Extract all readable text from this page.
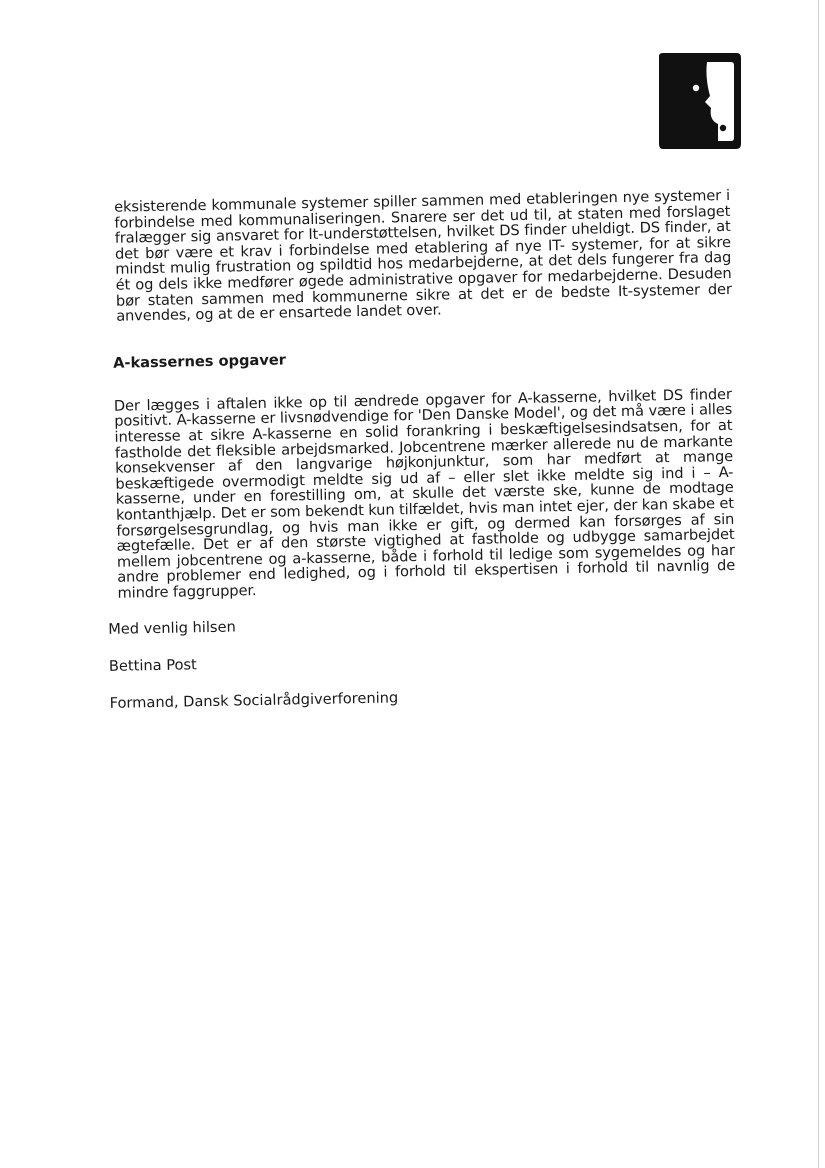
eksisterende kommunale systemer spiller sammen med etableringen nye systemer i forbindelse med kommunaliseringen. Snarere ser det ud til, at staten med forslaget fralægger sig ansvaret for It-understøttelsen, hvilket DS finder uheldigt. DS finder, at det bør være et krav i forbindelse med etablering af nye IT- systemer, for at sikre mindst mulig frustration og spildtid hos medarbejderne, at det dels fungerer fra dag ét og dels ikke medfører øgede administrative opgaver for medarbejderne. Desuden bør staten sammen med kommunerne sikre at det er de bedste It-systemer der anvendes, og at de er ensartede landet over.

A-kassernes opgaver

Der lægges i aftalen ikke op til ændrede opgaver for A-kasserne, hvilket DS finder positivt. A-kasserne er livsnødvendige for 'Den Danske Model', og det må være i alles interesse at sikre A-kasserne en solid forankring i beskæftigelsesindsatsen, for at fastholde det fleksible arbejdsmarked. Jobcentrene mærker allerede nu de markante konsekvenser af den langvarige højkonjunktur, som har medført at mange beskæftigede overmodigt meldte sig ud af – eller slet ikke meldte sig ind i – A-kasserne, under en forestilling om, at skulle det værste ske, kunne de modtage kontanthjælp. Det er som bekendt kun tilfældet, hvis man intet ejer, der kan skabe et forsørgelsesgrundlag, og hvis man ikke er gift, og dermed kan forsørges af sin ægtefælle. Det er af den største vigtighed at fastholde og udbygge samarbejdet mellem jobcentrene og a-kasserne, både i forhold til ledige som sygemeldes og har andre problemer end ledighed, og i forhold til ekspertisen i forhold til navnlig de mindre faggrupper.

Med venlig hilsen

Bettina Post

Formand, Dansk Socialrådgiverforening
